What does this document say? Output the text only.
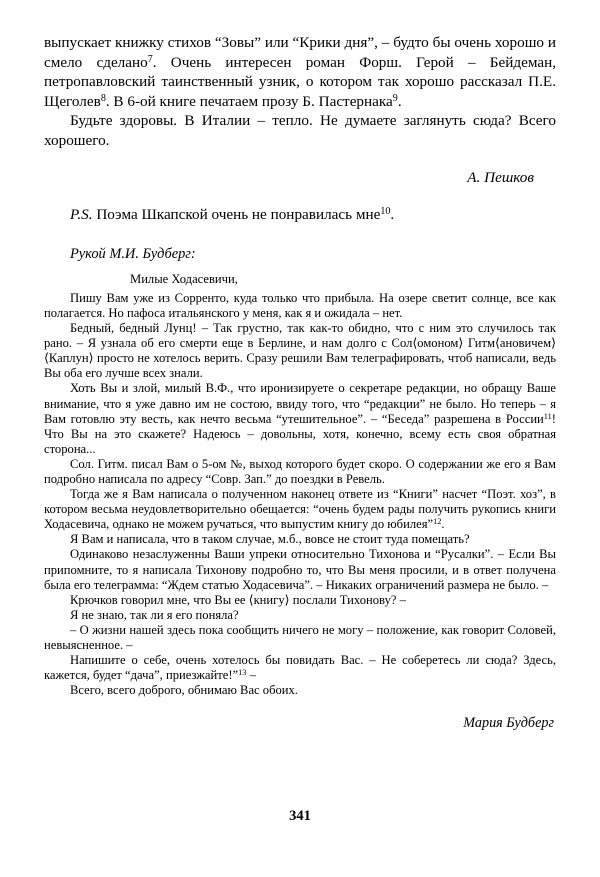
выпускает книжку стихов “Зовы” или “Крики дня”, – будто бы очень хорошо и смело сделано$^7$. Очень интересен роман Форш. Герой – Бейдеман, петропавловский таинственный узник, о котором так хорошо рассказал П.Е. Щеголев$^8$. В 6-ой книге печатаем прозу Б. Пастернака$^9$.

Будьте здоровы. В Италии – тепло. Не думаете заглянуть сюда? Всего хорошего.

А. Пешков

P.S. Поэма Шкапской очень не понравилась мне$^{10}$.

Рукой М.И. Будберг:

Милые Ходасевичи,

Пишу Вам уже из Сорренто, куда только что прибыла. На озере светит солнце, все как полагается. Но пафоса итальянского у меня, как я и ожидала – нет.

Бедный, бедный Лунц! – Так грустно, так как-то обидно, что с ним это случилось так рано. – Я узнала об его смерти еще в Берлине, и нам долго с Сол⟨омоном⟩ Гитм⟨ановичем⟩ ⟨Каплун⟩ просто не хотелось верить. Сразу решили Вам телеграфировать, чтоб написали, ведь Вы оба его лучше всех знали.

Хоть Вы и злой, милый В.Ф., что иронизируете о секретаре редакции, но обращу Ваше внимание, что я уже давно им не состою, ввиду того, что “редакции” не было. Но теперь – я Вам готовлю эту весть, как нечто весьма “утешительное”. – “Беседа” разрешена в России$^{11}$! Что Вы на это скажете? Надеюсь – довольны, хотя, конечно, всему есть своя обратная сторона...

Сол. Гитм. писал Вам о 5-ом №, выход которого будет скоро. О содержании же его я Вам подробно написала по адресу “Совр. Зап.” до поездки в Ревель.

Тогда же я Вам написала о полученном наконец ответе из “Книги” насчет “Поэт. хоз”, в котором весьма неудовлетворительно обещается: “очень будем рады получить рукопись книги Ходасевича, однако не можем ручаться, что выпустим книгу до юбилея”$^{12}$.

Я Вам и написала, что в таком случае, м.б., вовсе не стоит туда помещать?

Одинаково незаслуженны Ваши упреки относительно Тихонова и “Русалки”. – Если Вы припомните, то я написала Тихонову подробно то, что Вы меня просили, и в ответ получена была его телеграмма: “Ждем статью Ходасевича”. – Никаких ограничений размера не было. –

Крючков говорил мне, что Вы ее ⟨книгу⟩ послали Тихонову? –

Я не знаю, так ли я его поняла?

– О жизни нашей здесь пока сообщить ничего не могу – положение, как говорит Соловей, невыясненное. –

Напишите о себе, очень хотелось бы повидать Вас. – Не соберетесь ли сюда? Здесь, кажется, будет “дача”, приезжайте!”$^{13}$ –

Всего, всего доброго, обнимаю Вас обоих.

Мария Будберг

341
